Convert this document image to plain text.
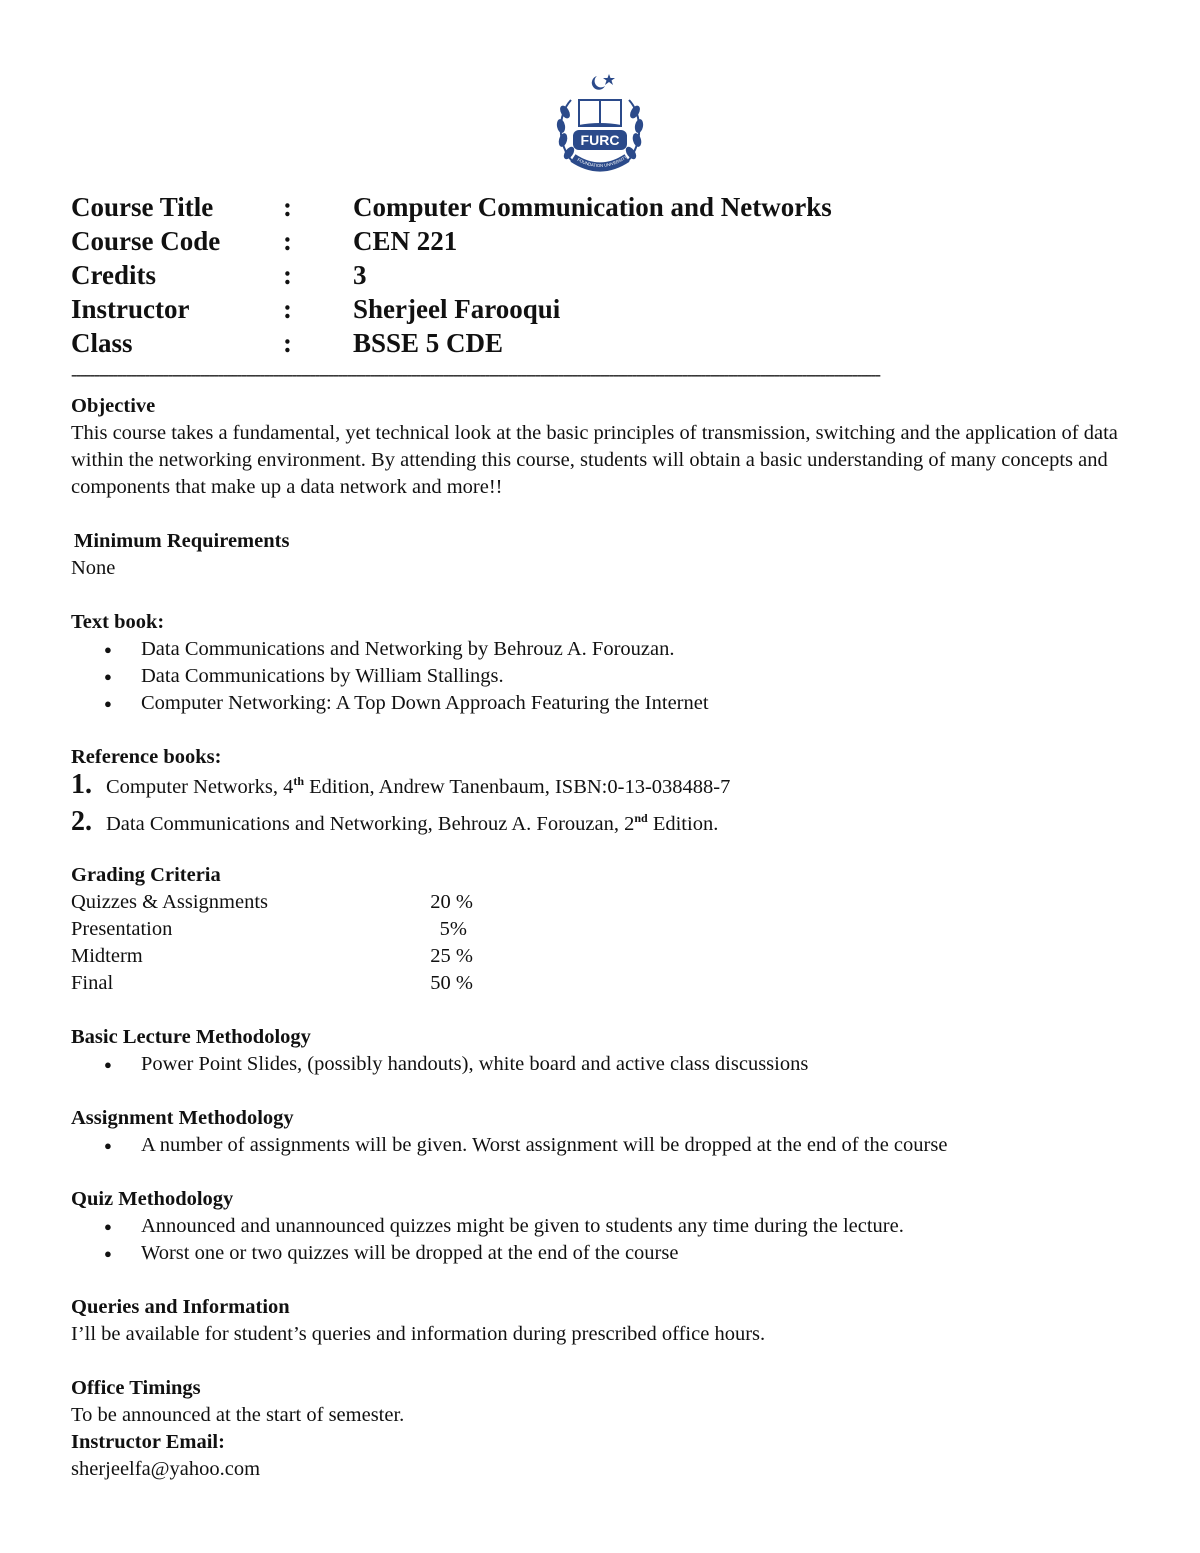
FURC
FOUNDATION UNIVERSITY
Course Title	:	Computer Communication and Networks
Course Code	:	CEN 221
Credits	:	3
Instructor	:	Sherjeel Farooqui
Class	:	BSSE 5 CDE
--------------------------------------------------------------------------------------------------------------------------------------------------------------------------------
Objective
This course takes a fundamental, yet technical look at the basic principles of transmission, switching and the application of data within the networking environment. By attending this course, students will obtain a basic understanding of many concepts and components that make up a data network and more!!
Minimum Requirements
None
Text book:
● Data Communications and Networking by Behrouz A. Forouzan.
● Data Communications by William Stallings.
● Computer Networking: A Top Down Approach Featuring the Internet
Reference books:
1. Computer Networks, 4th Edition, Andrew Tanenbaum, ISBN:0-13-038488-7
2. Data Communications and Networking, Behrouz A. Forouzan, 2nd Edition.
Grading Criteria
Quizzes & Assignments	20 %
Presentation	5%
Midterm	25 %
Final	50 %
Basic Lecture Methodology
● Power Point Slides, (possibly handouts), white board and active class discussions
Assignment Methodology
● A number of assignments will be given. Worst assignment will be dropped at the end of the course
Quiz Methodology
● Announced and unannounced quizzes might be given to students any time during the lecture.
● Worst one or two quizzes will be dropped at the end of the course
Queries and Information
I’ll be available for student’s queries and information during prescribed office hours.
Office Timings
To be announced at the start of semester.
Instructor Email:
sherjeelfa@yahoo.com
